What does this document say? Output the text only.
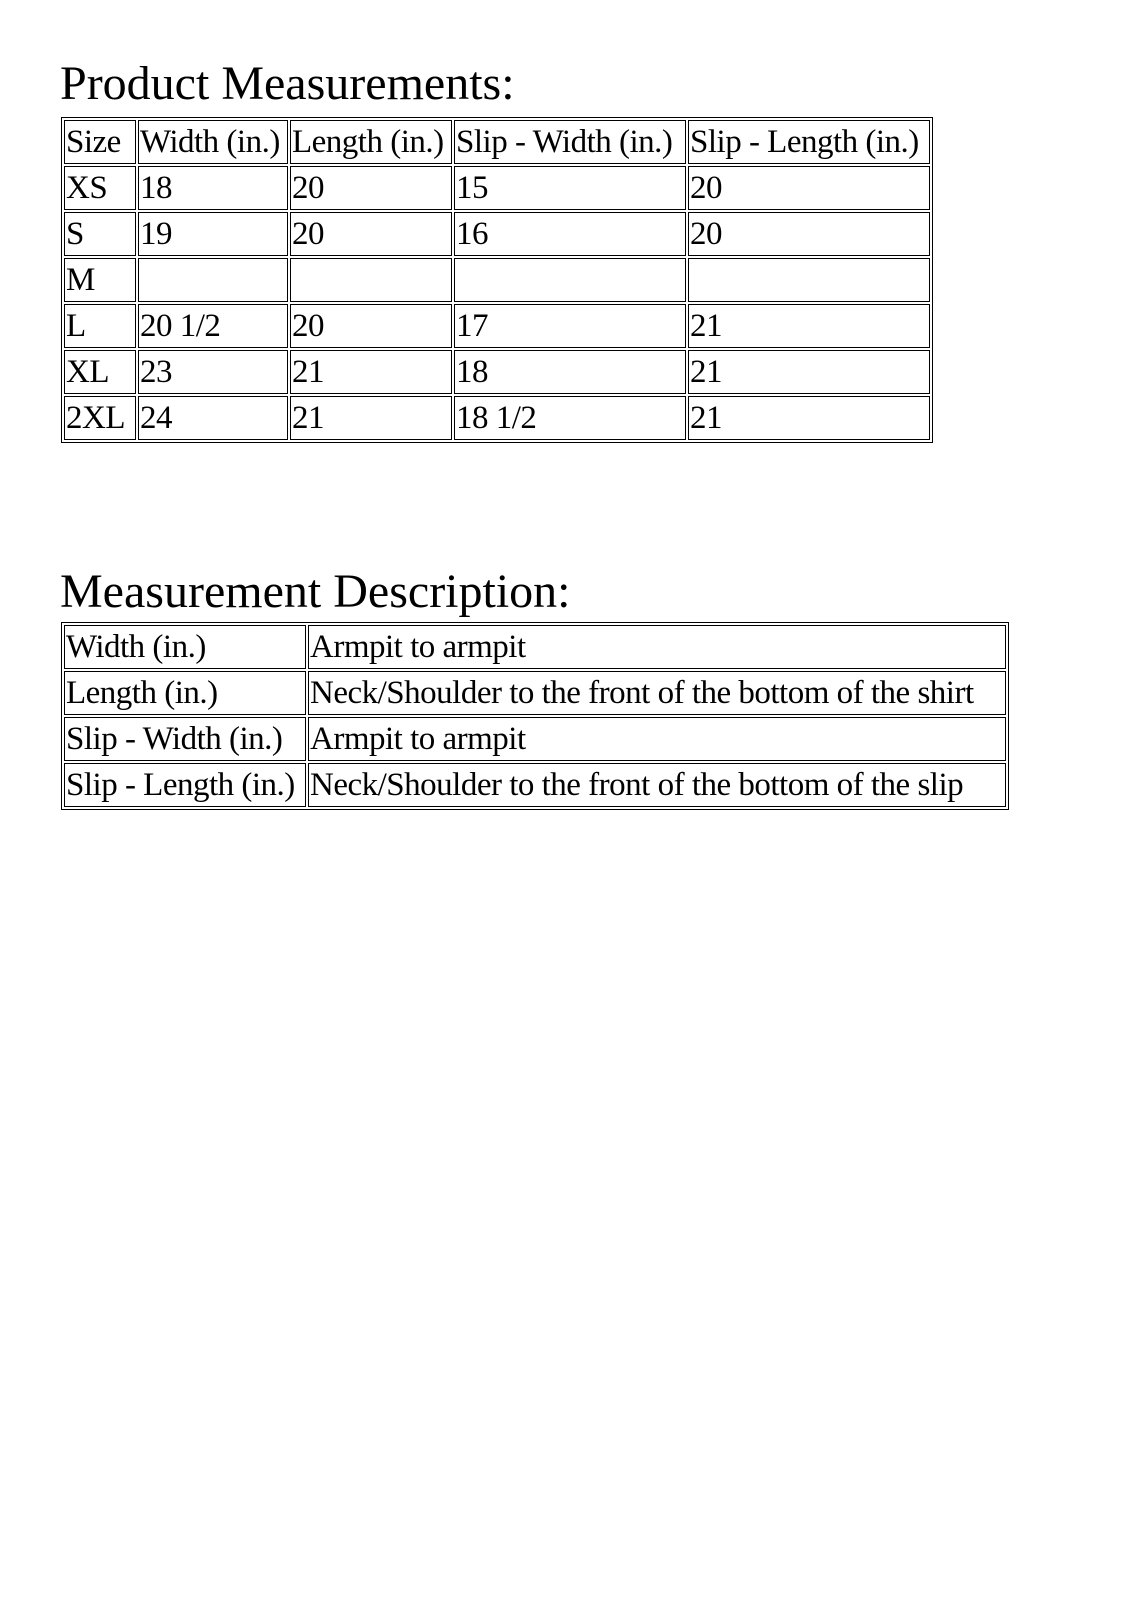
Product Measurements:
Size	Width (in.)	Length (in.)	Slip - Width (in.)	Slip - Length (in.)
XS	18	20	15	20
S	19	20	16	20
M				
L	20 1/2	20	17	21
XL	23	21	18	21
2XL	24	21	18 1/2	21
Measurement Description:
Width (in.)	Armpit to armpit
Length (in.)	Neck/Shoulder to the front of the bottom of the shirt
Slip - Width (in.)	Armpit to armpit
Slip - Length (in.)	Neck/Shoulder to the front of the bottom of the slip
